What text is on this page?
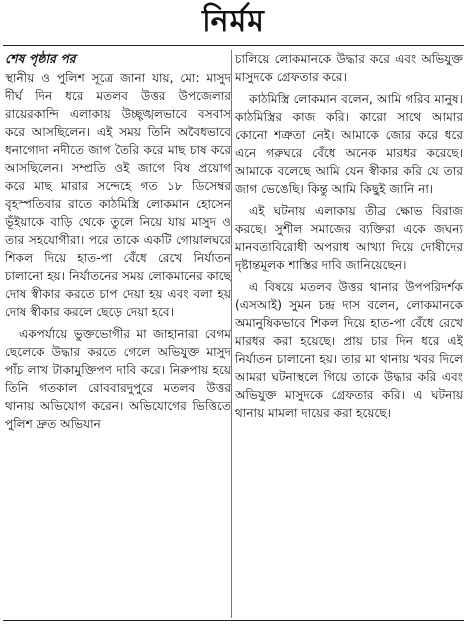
নির্মম
শেষ পৃষ্ঠার পর

স্থানীয় ও পুলিশ সূত্রে জানা যায়, মো: মাসুদ দীর্ঘ দিন ধরে মতলব উত্তর উপজেলার রায়েরকান্দি এলাকায় উচ্ছৃঙ্খলভাবে বসবাস করে আসছিলেন। এই সময় তিনি অবৈধভাবে ধনাগোদা নদীতে জাগ তৈরি করে মাছ চাষ করে আসছিলেন। সম্প্রতি ওই জাগে বিষ প্রয়োগ করে মাছ মারার সন্দেহে গত ১৮ ডিসেম্বর বৃহস্পতিবার রাতে কাঠমিস্ত্রি লোকমান হোসেন ভূঁইয়াকে বাড়ি থেকে তুলে নিয়ে যায় মাসুদ ও তার সহযোগীরা। পরে তাকে একটি গোয়ালঘরে শিকল দিয়ে হাত-পা বেঁধে রেখে নির্যাতন চালানো হয়। নির্যাতনের সময় লোকমানের কাছে দোষ স্বীকার করতে চাপ দেয়া হয় এবং বলা হয় দোষ স্বীকার করলে ছেড়ে দেয়া হবে।

একপর্যায়ে ভুক্তভোগীর মা জাহানারা বেগম ছেলেকে উদ্ধার করতে গেলে অভিযুক্ত মাসুদ পাঁচ লাখ টাকামুক্তিপণ দাবি করে। নিরুপায় হয়ে তিনি গতকাল রোববারদুপুরে মতলব উত্তর থানায় অভিযোগ করেন। অভিযোগের ভিত্তিতে পুলিশ দ্রুত অভিযান

চালিয়ে লোকমানকে উদ্ধার করে এবং অভিযুক্ত মাসুদকে গ্রেফতার করে।

কাঠমিস্ত্রি লোকমান বলেন, আমি গরিব মানুষ। কাঠমিস্ত্রির কাজ করি। কারো সাথে আমার কোনো শত্রুতা নেই। আমাকে জোর করে ধরে এনে গরুঘরে বেঁধে অনেক মারধর করেছে। আমাকে বলেছে আমি যেন স্বীকার করি যে তার জাগ ভেঙেছি। কিন্তু আমি কিছুই জানি না।

এই ঘটনায় এলাকায় তীব্র ক্ষোভ বিরাজ করছে। সুশীল সমাজের ব্যক্তিরা একে জঘন্য মানবতাবিরোধী অপরাধ আখ্যা দিয়ে দোষীদের দৃষ্টান্তমূলক শাস্তির দাবি জানিয়েছেন।

এ বিষয়ে মতলব উত্তর থানার উপপরিদর্শক (এসআই) সুমন চন্দ্র দাস বলেন, লোকমানকে অমানুষিকভাবে শিকল দিয়ে হাত-পা বেঁধে রেখে মারধর করা হয়েছে। প্রায় চার দিন ধরে এই নির্যাতন চালানো হয়। তার মা থানায় খবর দিলে আমরা ঘটনাস্থলে গিয়ে তাকে উদ্ধার করি এবং অভিযুক্ত মাসুদকে গ্রেফতার করি। এ ঘটনায় থানায় মামলা দায়ের করা হয়েছে।
